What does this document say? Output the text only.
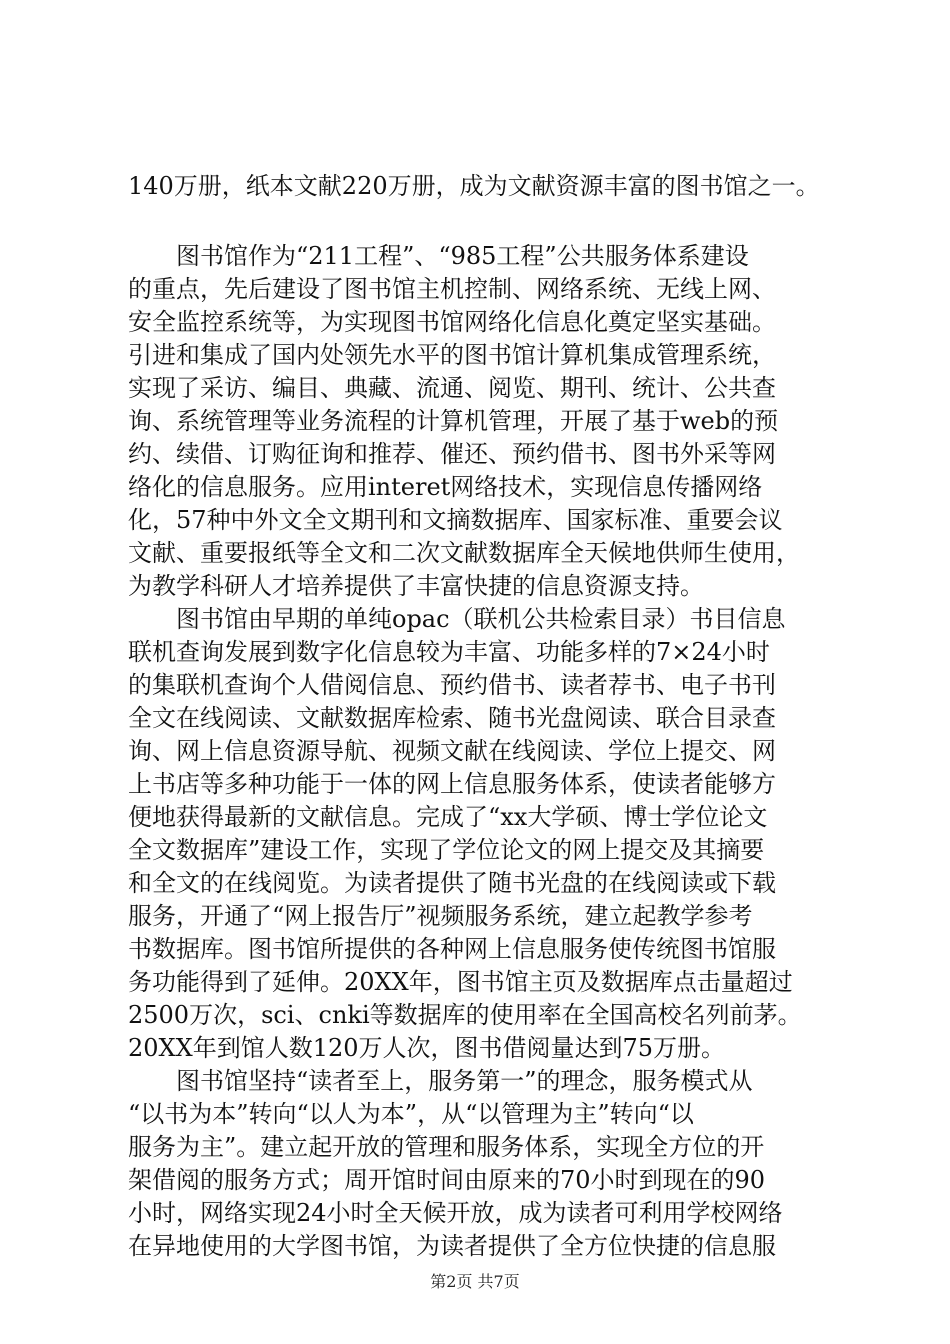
140万册，纸本文献220万册，成为文献资源丰富的图书馆之一。
图书馆作为“211工程”、“985工程”公共服务体系建设
的重点，先后建设了图书馆主机控制、网络系统、无线上网、
安全监控系统等，为实现图书馆网络化信息化奠定坚实基础。
引进和集成了国内处领先水平的图书馆计算机集成管理系统，
实现了采访、编目、典藏、流通、阅览、期刊、统计、公共查
询、系统管理等业务流程的计算机管理，开展了基于web的预
约、续借、订购征询和推荐、催还、预约借书、图书外采等网
络化的信息服务。应用interet网络技术，实现信息传播网络
化，57种中外文全文期刊和文摘数据库、国家标准、重要会议
文献、重要报纸等全文和二次文献数据库全天候地供师生使用，
为教学科研人才培养提供了丰富快捷的信息资源支持。
图书馆由早期的单纯opac（联机公共检索目录）书目信息
联机查询发展到数字化信息较为丰富、功能多样的7×24小时
的集联机查询个人借阅信息、预约借书、读者荐书、电子书刊
全文在线阅读、文献数据库检索、随书光盘阅读、联合目录查
询、网上信息资源导航、视频文献在线阅读、学位上提交、网
上书店等多种功能于一体的网上信息服务体系，使读者能够方
便地获得最新的文献信息。完成了“xx大学硕、博士学位论文
全文数据库”建设工作，实现了学位论文的网上提交及其摘要
和全文的在线阅览。为读者提供了随书光盘的在线阅读或下载
服务，开通了“网上报告厅”视频服务系统，建立起教学参考
书数据库。图书馆所提供的各种网上信息服务使传统图书馆服
务功能得到了延伸。20XX年，图书馆主页及数据库点击量超过
2500万次，sci、cnki等数据库的使用率在全国高校名列前茅。
20XX年到馆人数120万人次，图书借阅量达到75万册。
图书馆坚持“读者至上，服务第一”的理念，服务模式从
“以书为本”转向“以人为本”，从“以管理为主”转向“以
服务为主”。建立起开放的管理和服务体系，实现全方位的开
架借阅的服务方式；周开馆时间由原来的70小时到现在的90
小时，网络实现24小时全天候开放，成为读者可利用学校网络
在异地使用的大学图书馆，为读者提供了全方位快捷的信息服
第2页 共7页
